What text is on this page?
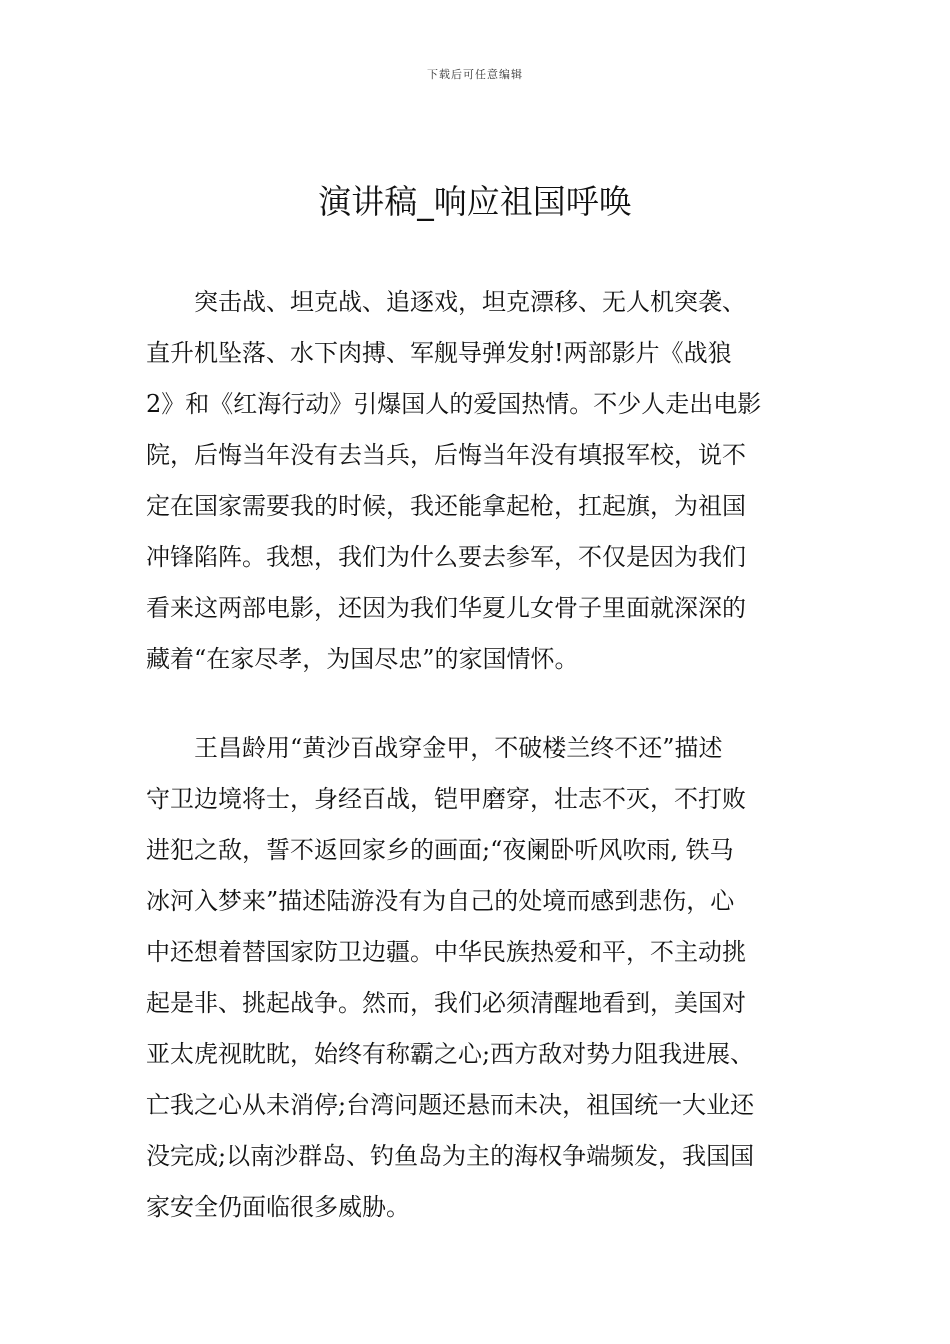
下载后可任意编辑
演讲稿_响应祖国呼唤
突击战、坦克战、追逐戏，坦克漂移、无人机突袭、
直升机坠落、水下肉搏、军舰导弹发射!两部影片《战狼
2》和《红海行动》引爆国人的爱国热情。不少人走出电影
院，后悔当年没有去当兵，后悔当年没有填报军校，说不
定在国家需要我的时候，我还能拿起枪，扛起旗，为祖国
冲锋陷阵。我想，我们为什么要去参军，不仅是因为我们
看来这两部电影，还因为我们华夏儿女骨子里面就深深的
藏着“在家尽孝，为国尽忠”的家国情怀。
王昌龄用“黄沙百战穿金甲，不破楼兰终不还”描述
守卫边境将士，身经百战，铠甲磨穿，壮志不灭，不打败
进犯之敌，誓不返回家乡的画面;“夜阑卧听风吹雨, 铁马
冰河入梦来”描述陆游没有为自己的处境而感到悲伤，心
中还想着替国家防卫边疆。中华民族热爱和平，不主动挑
起是非、挑起战争。然而，我们必须清醒地看到，美国对
亚太虎视眈眈，始终有称霸之心;西方敌对势力阻我进展、
亡我之心从未消停;台湾问题还悬而未决，祖国统一大业还
没完成;以南沙群岛、钓鱼岛为主的海权争端频发，我国国
家安全仍面临很多威胁。
